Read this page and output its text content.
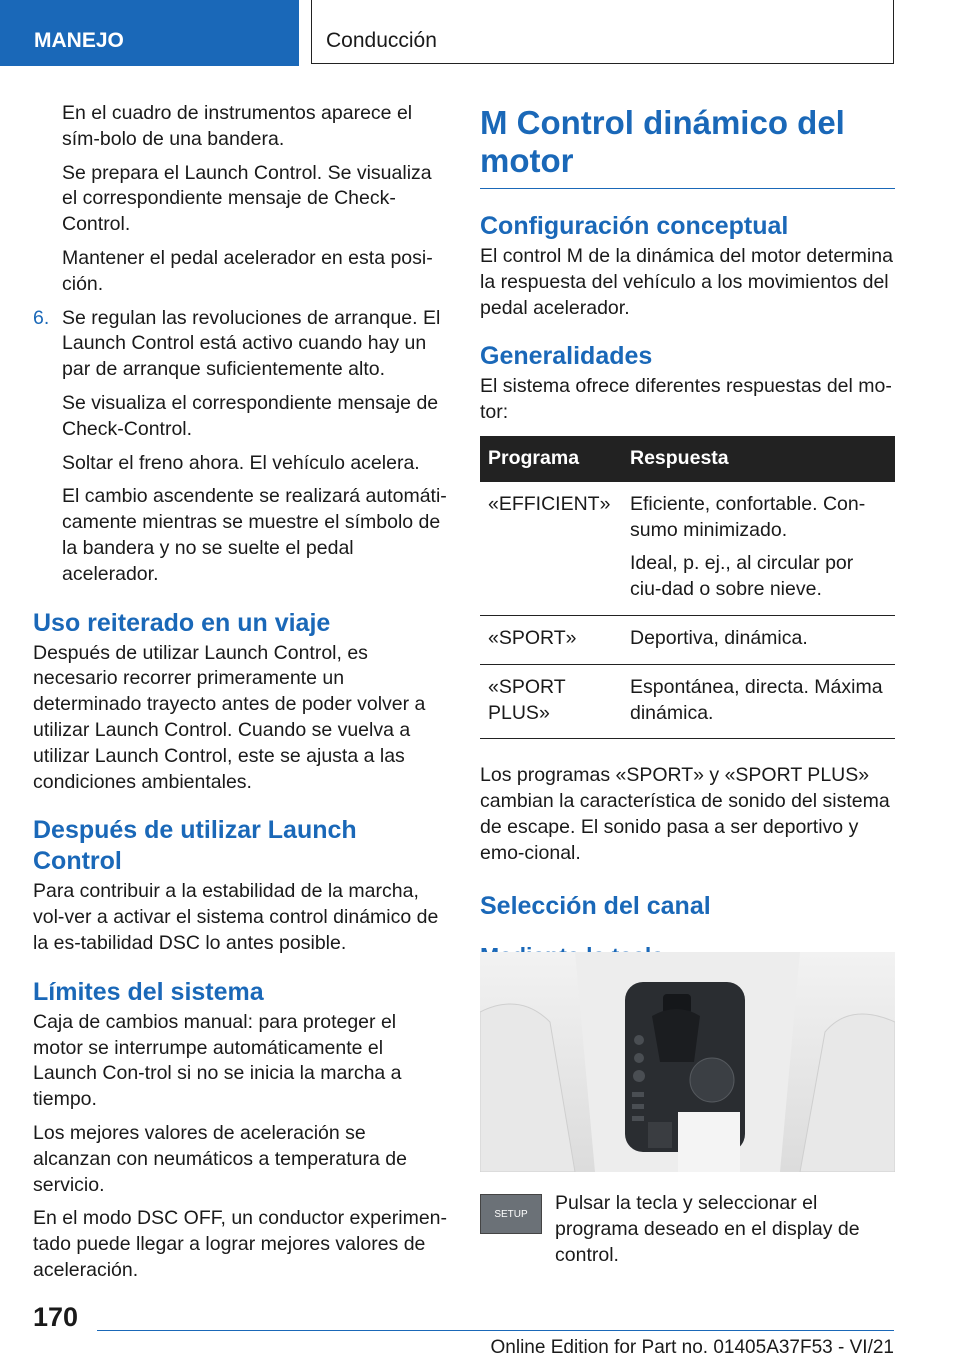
MANEJO	Conducción

En el cuadro de instrumentos aparece el sím-bolo de una bandera.

Se prepara el Launch Control. Se visualiza el correspondiente mensaje de Check-Control.

Mantener el pedal acelerador en esta posi-ción.

6. Se regulan las revoluciones de arranque. El Launch Control está activo cuando hay un par de arranque suficientemente alto.

Se visualiza el correspondiente mensaje de Check-Control.

Soltar el freno ahora. El vehículo acelera.

El cambio ascendente se realizará automáti-camente mientras se muestre el símbolo de la bandera y no se suelte el pedal acelerador.

Uso reiterado en un viaje

Después de utilizar Launch Control, es necesario recorrer primeramente un determinado trayecto antes de poder volver a utilizar Launch Control. Cuando se vuelva a utilizar Launch Control, este se ajusta a las condiciones ambientales.

Después de utilizar Launch Control

Para contribuir a la estabilidad de la marcha, vol-ver a activar el sistema control dinámico de la es-tabilidad DSC lo antes posible.

Límites del sistema

Caja de cambios manual: para proteger el motor se interrumpe automáticamente el Launch Con-trol si no se inicia la marcha a tiempo.

Los mejores valores de aceleración se alcanzan con neumáticos a temperatura de servicio.

En el modo DSC OFF, un conductor experimen-tado puede llegar a lograr mejores valores de aceleración.

M Control dinámico del motor
Configuración conceptual

El control M de la dinámica del motor determina la respuesta del vehículo a los movimientos del pedal acelerador.

Generalidades

El sistema ofrece diferentes respuestas del mo-tor:

Programa	Respuesta
«EFFICIENT»	Eficiente, confortable. Con-sumo minimizado.

Ideal, p. ej., al circular por ciu-dad o sobre nieve.

«SPORT»	Deportiva, dinámica.
«SPORT PLUS»	Espontánea, directa. Máxima dinámica.

Los programas «SPORT» y «SPORT PLUS» cambian la característica de sonido del sistema de escape. El sonido pasa a ser deportivo y emo-cional.

Selección del canal
SETUP Pulsar la tecla y seleccionar el programa deseado en el display de control.

170
Online Edition for Part no. 01405A37F53 - VI/21
